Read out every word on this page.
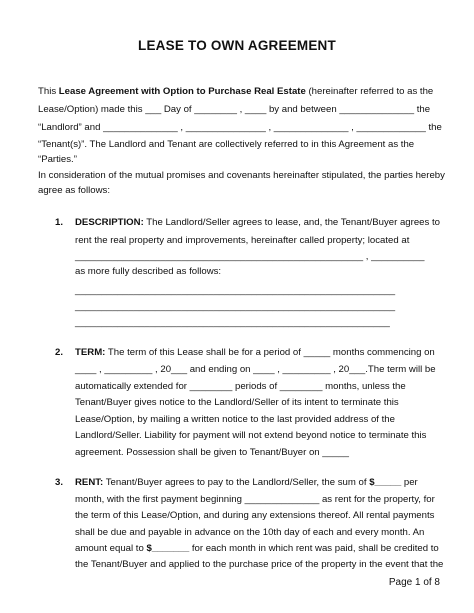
LEASE TO OWN AGREEMENT
This Lease Agreement with Option to Purchase Real Estate (hereinafter referred to as the
Lease/Option) made this ___ Day of ________ , ____ by and between ______________ the
“Landlord” and ______________ , _______________ , ______________ , _____________ the
“Tenant(s)”. The Landlord and Tenant are collectively referred to in this Agreement as the
“Parties.”
In consideration of the mutual promises and covenants hereinafter stipulated, the parties hereby
agree as follows:
1. DESCRIPTION: The Landlord/Seller agrees to lease, and, the Tenant/Buyer agrees to
rent the real property and improvements, hereinafter called property; located at
______________________________________________________ , __________
as more fully described as follows:
____________________________________________________________
____________________________________________________________
___________________________________________________________
2. TERM: The term of this Lease shall be for a period of _____ months commencing on
____ , _________ , 20___ and ending on ____ , _________ , 20___.The term will be
automatically extended for ________ periods of ________ months, unless the
Tenant/Buyer gives notice to the Landlord/Seller of its intent to terminate this
Lease/Option, by mailing a written notice to the last provided address of the
Landlord/Seller. Liability for payment will not extend beyond notice to terminate this
agreement. Possession shall be given to Tenant/Buyer on _____
3. RENT: Tenant/Buyer agrees to pay to the Landlord/Seller, the sum of $_____ per
month, with the first payment beginning ______________ as rent for the property, for
the term of this Lease/Option, and during any extensions thereof. All rental payments
shall be due and payable in advance on the 10th day of each and every month. An
amount equal to $_______ for each month in which rent was paid, shall be credited to
the Tenant/Buyer and applied to the purchase price of the property in the event that the
Page 1 of 8
